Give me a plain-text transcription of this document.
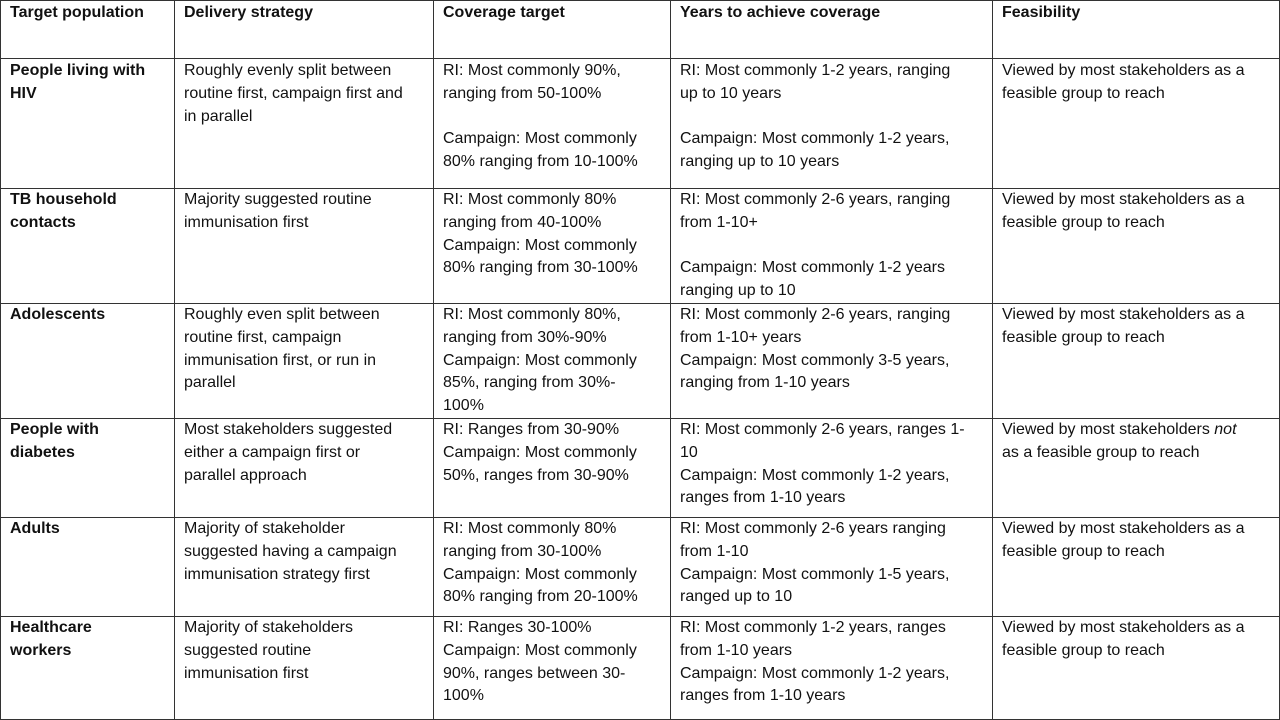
Target population	Delivery strategy	Coverage target	Years to achieve coverage	Feasibility

People living with
HIV	Roughly evenly split between
routine first, campaign first and
in parallel	RI: Most commonly 90%,
ranging from 50-100%
Campaign: Most commonly
80% ranging from 10-100%	RI: Most commonly 1-2 years, ranging
up to 10 years
Campaign: Most commonly 1-2 years,
ranging up to 10 years	Viewed by most stakeholders as a
feasible group to reach

TB household
contacts	Majority suggested routine
immunisation first	RI: Most commonly 80%
ranging from 40-100%
Campaign: Most commonly
80% ranging from 30-100%	RI: Most commonly 2-6 years, ranging
from 1-10+
Campaign: Most commonly 1-2 years
ranging up to 10	Viewed by most stakeholders as a
feasible group to reach

Adolescents	Roughly even split between
routine first, campaign
immunisation first, or run in
parallel	RI: Most commonly 80%,
ranging from 30%-90%
Campaign: Most commonly
85%, ranging from 30%-
100%	RI: Most commonly 2-6 years, ranging
from 1-10+ years
Campaign: Most commonly 3-5 years,
ranging from 1-10 years	Viewed by most stakeholders as a
feasible group to reach

People with
diabetes	Most stakeholders suggested
either a campaign first or
parallel approach	RI: Ranges from 30-90%
Campaign: Most commonly
50%, ranges from 30-90%	RI: Most commonly 2-6 years, ranges 1-
10
Campaign: Most commonly 1-2 years,
ranges from 1-10 years	Viewed by most stakeholders not
as a feasible group to reach

Adults	Majority of stakeholder
suggested having a campaign
immunisation strategy first	RI: Most commonly 80%
ranging from 30-100%
Campaign: Most commonly
80% ranging from 20-100%	RI: Most commonly 2-6 years ranging
from 1-10
Campaign: Most commonly 1-5 years,
ranged up to 10	Viewed by most stakeholders as a
feasible group to reach

Healthcare
workers	Majority of stakeholders
suggested routine
immunisation first	RI: Ranges 30-100%
Campaign: Most commonly
90%, ranges between 30-
100%	RI: Most commonly 1-2 years, ranges
from 1-10 years
Campaign: Most commonly 1-2 years,
ranges from 1-10 years	Viewed by most stakeholders as a
feasible group to reach
